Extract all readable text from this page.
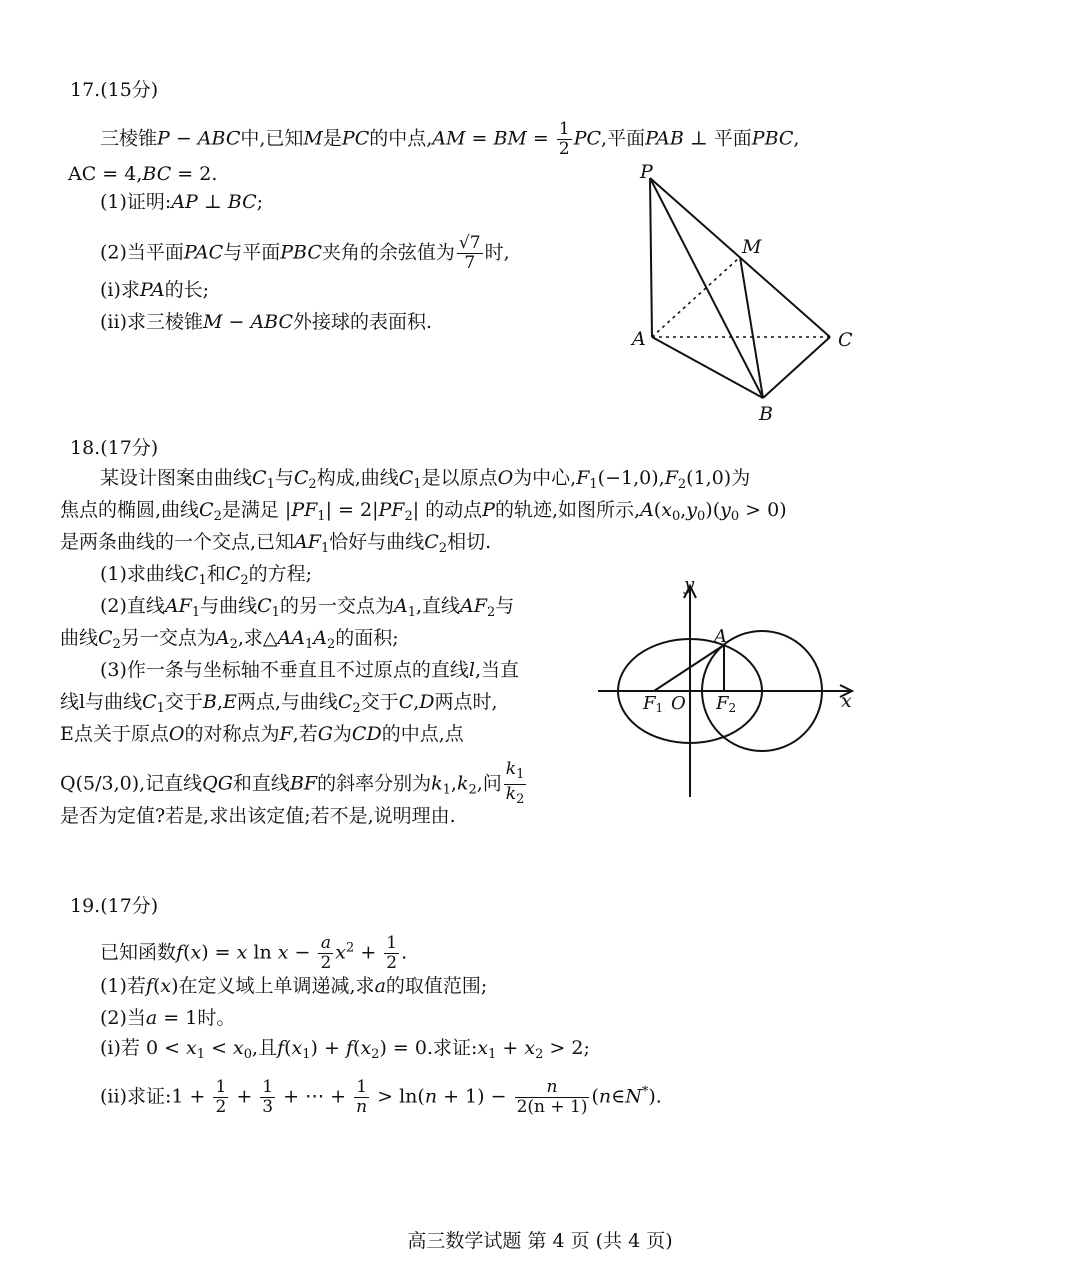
17.(15分)
三棱锥P − ABC中,已知M是PC的中点,AM = BM = $\frac{1}{2}$ PC,平面PAB ⊥ 平面PBC,
AC = 4,BC = 2.
(1)证明:AP ⊥ BC;
(2)当平面PAC与平面PBC夹角的余弦值为 $\frac{√7}{7}$ 时,
(i)求PA的长;
(ii)求三棱锥M − ABC外接球的表面积.
P
M
A	C
B
18.(17分)
某设计图案由曲线$C_1$与$C_2$构成,曲线$C_1$是以原点O为中心$,F_1(-1,0),F_2(1,0)$为
焦点的椭圆,曲线$C_2$是满足 $|PF_1| = 2|PF_2|$ 的动点P的轨迹,如图所示$,A(x_0,y_0)(y_0 > 0)$
是两条曲线的一个交点,已知$AF_1$恰好与曲线$C_2$相切.
(1)求曲线$C_1$和$C_2$的方程;
(2)直线$AF_1$与曲线$C_1$的另一交点为$A_1$,直线$AF_2$与
曲线$C_2$另一交点为$A_2$,求$\triangle AA_1A_2$的面积;
(3)作一条与坐标轴不垂直且不过原点的直线l,当直
线l与曲线$C_1$交于B,E两点,与曲线$C_2$交于C,D两点时,
E点关于原点O的对称点为F,若G为CD的中点,点
Q(5/3,0),记直线QG和直线BF的斜率分别为$k_1,k_2$,问 $\frac{k_1}{k_2}$
是否为定值?若是,求出该定值;若不是,说明理由.
y
x
A
O
F1	F2
19.(17分)
已知函数f(x) = x $\ln x - \frac{a}{2} x^2 + \frac{1}{2}$ .
(1)若f(x)在定义域上单调递减,求a的取值范围;
(2)当a = 1时。
(i)若 $0 < x_1 < x_0$,且$f(x_1) + f(x_2) = 0$.求证$:x_1 + x_2 > 2$;
(ii)求证:1 + $\frac{1}{2} + \frac{1}{3}$ + ⋯ + $\frac{1}{n} > \ln(n + 1) - \frac{n}{2(n + 1)}$ (n∈N*).
高三数学试题 第 4 页 (共 4 页)
